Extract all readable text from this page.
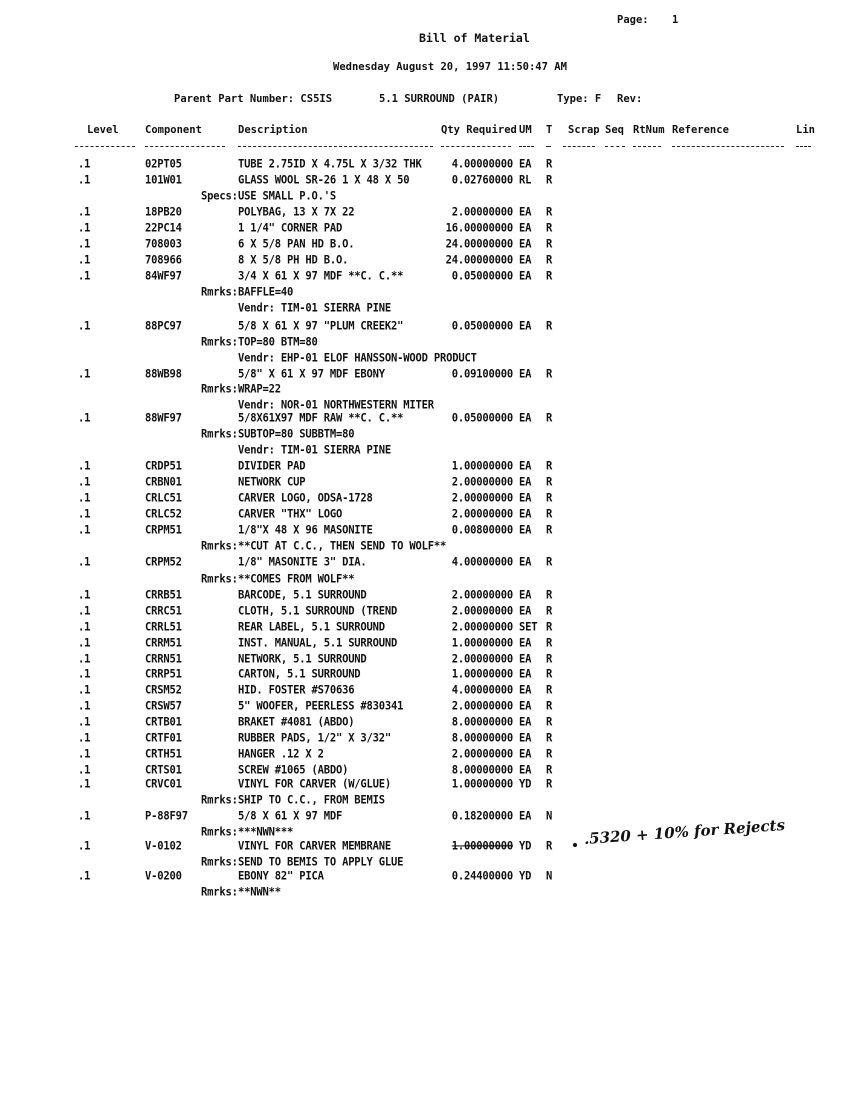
Page: 1
Bill of Material
Wednesday August 20, 1997 11:50:47 AM
Parent Part Number: CS5IS	5.1 SURROUND (PAIR)	Type: F Rev:
Level	Component	Description	Qty Required UM T Scrap Seq RtNum Reference	Lin
.1	02PT05	TUBE 2.75ID X 4.75L X 3/32 THK	4.00000000 EA R
.1	101W01	GLASS WOOL SR-26 1 X 48 X 50	0.02760000 RL R
Specs: USE SMALL P.O.'S
.1	18PB20	POLYBAG, 13 X 7X 22	2.00000000 EA R
.1	22PC14	1 1/4" CORNER PAD	16.00000000 EA R
.1	708003	6 X 5/8 PAN HD B.O.	24.00000000 EA R
.1	708966	8 X 5/8 PH HD B.O.	24.00000000 EA R
.1	84WF97	3/4 X 61 X 97 MDF **C. C.**	0.05000000 EA R
Rmrks: BAFFLE=40
Vendr: TIM-01 SIERRA PINE
.1	88PC97	5/8 X 61 X 97 "PLUM CREEK2"	0.05000000 EA R
Rmrks: TOP=80 BTM=80
Vendr: EHP-01 ELOF HANSSON-WOOD PRODUCT
.1	88WB98	5/8" X 61 X 97 MDF EBONY	0.09100000 EA R
Rmrks: WRAP=22
Vendr: NOR-01 NORTHWESTERN MITER
.1	88WF97	5/8X61X97 MDF RAW **C. C.**	0.05000000 EA R
Rmrks: SUBTOP=80 SUBBTM=80
Vendr: TIM-01 SIERRA PINE
.1	CRDP51	DIVIDER PAD	1.00000000 EA R
.1	CRBN01	NETWORK CUP	2.00000000 EA R
.1	CRLC51	CARVER LOGO, ODSA-1728	2.00000000 EA R
.1	CRLC52	CARVER "THX" LOGO	2.00000000 EA R
.1	CRPM51	1/8"X 48 X 96 MASONITE	0.00800000 EA R
Rmrks: **CUT AT C.C., THEN SEND TO WOLF**
.1	CRPM52	1/8" MASONITE 3" DIA.	4.00000000 EA R
Rmrks: **COMES FROM WOLF**
.1	CRRB51	BARCODE, 5.1 SURROUND	2.00000000 EA R
.1	CRRC51	CLOTH, 5.1 SURROUND (TREND	2.00000000 EA R
.1	CRRL51	REAR LABEL, 5.1 SURROUND	2.00000000 SET R
.1	CRRM51	INST. MANUAL, 5.1 SURROUND	1.00000000 EA R
.1	CRRN51	NETWORK, 5.1 SURROUND	2.00000000 EA R
.1	CRRP51	CARTON, 5.1 SURROUND	1.00000000 EA R
.1	CRSM52	HID. FOSTER #S70636	4.00000000 EA R
.1	CRSW57	5" WOOFER, PEERLESS #830341	2.00000000 EA R
.1	CRTB01	BRAKET #4081 (ABDO)	8.00000000 EA R
.1	CRTF01	RUBBER PADS, 1/2" X 3/32"	8.00000000 EA R
.1	CRTH51	HANGER .12 X 2	2.00000000 EA R
.1	CRTS01	SCREW #1065 (ABDO)	8.00000000 EA R
.1	CRVC01	VINYL FOR CARVER (W/GLUE)	1.00000000 YD R
Rmrks: SHIP TO C.C., FROM BEMIS
.1	P-88F97	5/8 X 61 X 97 MDF	0.18200000 EA N
Rmrks: ***NWN***
.1	V-0102	VINYL FOR CARVER MEMBRANE	1.00000000 YD R
Rmrks: SEND TO BEMIS TO APPLY GLUE
.1	V-0200	EBONY 82" PICA	0.24400000 YD N
Rmrks: **NWN**
.5320 + 10% for Rejects
